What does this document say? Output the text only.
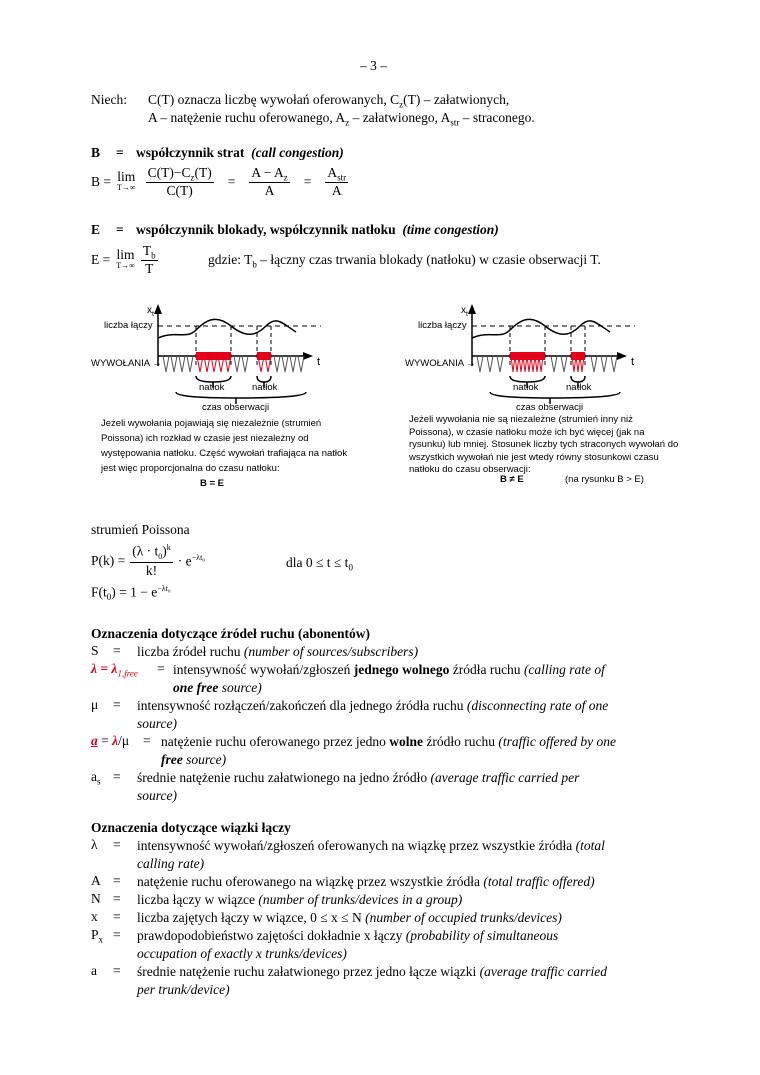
– 3 –
Niech: C(T) oznacza liczbę wywołań oferowanych, $C_z(T)$ – załatwionych,
A – natężenie ruchu oferowanego, $A_z$ – załatwionego, $A_{str}$ – straconego.
B = współczynnik strat (call congestion)
B = lim
$T\to\infty \frac{C(T)-C_z(T)}{C(T)} = \frac{A - A_z}{A} = \frac{A_{str}}{A}$
E = współczynnik blokady, współczynnik natłoku (time congestion)
E = lim
$T\to\infty \frac{T_b}{T}$	gdzie: $T_b$ – łączny czas trwania blokady (natłoku) w czasie obserwacji T.
$x_t$
liczba łączy
WYWOŁANIA →	t
natłok	natłok
czas obserwacji
Jeżeli wywołania pojawiają się niezależnie (strumień Poissona) ich rozkład w czasie jest niezależny od występowania natłoku. Część wywołań trafiająca na natłok jest więc proporcjonalna do czasu natłoku:
B = E
$x_t$
liczba łączy
WYWOŁANIA →	t
natłok	natłok
czas obserwacji
Jeżeli wywołania nie są niezależne (strumień inny niż Poissona), w czasie natłoku może ich być więcej (jak na rysunku) lub mniej. Stosunek liczby tych straconych wywołań do wszystkich wywołań nie jest wtedy równy stosunkowi czasu natłoku do czasu obserwacji:
B ≠ E	(na rysunku B > E)
strumień Poissona
$P(k) = \frac{(\lambda \cdot t_0)^k}{k!} \cdot e^{-\lambda t_0}$	dla $0 \le t \le t_0$
$F(t_0) = 1 - e^{-\lambda t_0}$
Oznaczenia dotyczące źródeł ruchu (abonentów)
S = liczba źródeł ruchu (number of sources/subscribers)
$\lambda = \lambda_{1,free}$ = intensywność wywołań/zgłoszeń jednego wolnego źródła ruchu (calling rate of
one free source)
μ = intensywność rozłączeń/zakończeń dla jednego źródła ruchu (disconnecting rate of one
source)
a = λ/μ = natężenie ruchu oferowanego przez jedno wolne źródło ruchu (traffic offered by one
free source)
$a_s$ = średnie natężenie ruchu załatwionego na jedno źródło (average traffic carried per
source)
Oznaczenia dotyczące wiązki łączy
λ = intensywność wywołań/zgłoszeń oferowanych na wiązkę przez wszystkie źródła (total
calling rate)
A = natężenie ruchu oferowanego na wiązkę przez wszystkie źródła (total traffic offered)
N = liczba łączy w wiązce (number of trunks/devices in a group)
x = liczba zajętych łączy w wiązce, 0 ≤ x ≤ N (number of occupied trunks/devices)
$P_x$ = prawdopodobieństwo zajętości dokładnie x łączy (probability of simultaneous
occupation of exactly x trunks/devices)
a = średnie natężenie ruchu załatwionego przez jedno łącze wiązki (average traffic carried
per trunk/device)
